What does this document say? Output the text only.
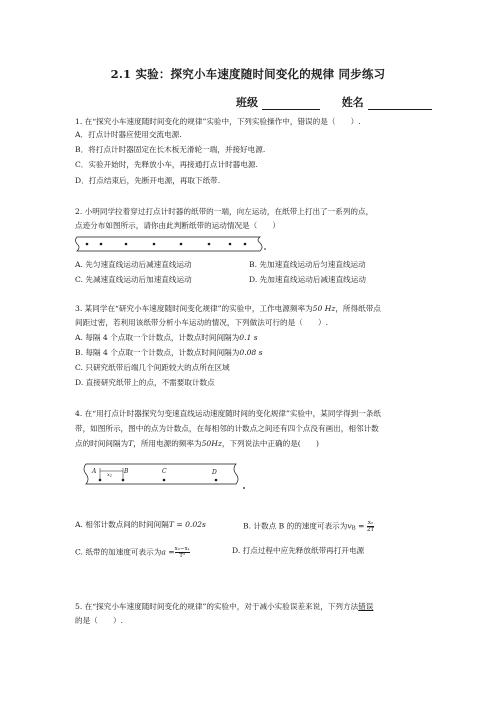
2.1 实验：探究小车速度随时间变化的规律 同步练习
班级	姓名
1. 在“探究小车速度随时间变化的规律”实验中，下列实验操作中，错误的是（　　）.
A．打点计时器应使用交流电源.
B．将打点计时器固定在长木板无滑轮一端，并接好电源.
C．实验开始时，先释放小车，再接通打点计时器电源.
D．打点结束后，先断开电源，再取下纸带.
2. 小明同学拉着穿过打点计时器的纸带的一端，向左运动，在纸带上打出了一系列的点，
点迹分布如图所示，请你由此判断纸带的运动情况是（　　）
A. 先匀速直线运动后减速直线运动	B. 先加速直线运动后匀速直线运动
C. 先减速直线运动后加速直线运动	D. 先加速直线运动后减速直线运动
3. 某同学在“研究小车速度随时间变化规律”的实验中，工作电源频率为50 Hz，所得纸带点
间距过密，若利用该纸带分析小车运动的情况，下列做法可行的是（　　）.
A. 每隔 4 个点取一个计数点，计数点时间间隔为0.1 s
B. 每隔 4 个点取一个计数点，计数点时间间隔为0.08 s
C. 只研究纸带后端几个间距较大的点所在区域
D. 直接研究纸带上的点，不需要取计数点
4. 在“用打点计时器探究匀变速直线运动速度随时间的变化规律”实验中，某同学得到一条纸
带，如图所示，图中的点为计数点，在每相邻的计数点之间还有四个点没有画出，相邻计数
点的时间间隔为T，所用电源的频率为50Hz，下列说法中正确的是(　　)
A	B	C	D
$x_1$
A. 相邻计数点间的时间间隔T = 0.02s	B. 计数点 B 的的速度可表示为vB = $\frac{\text{x₂}}{2T}$
C. 纸带的加速度可表示为$a = \frac{\text{x₂−x₁}}{\text{T²}}$	D. 打点过程中应先释放纸带再打开电源
5. 在“探究小车速度随时间变化的规律”的实验中，对于减小实验误差来说，下列方法错误
的是（　　）.
